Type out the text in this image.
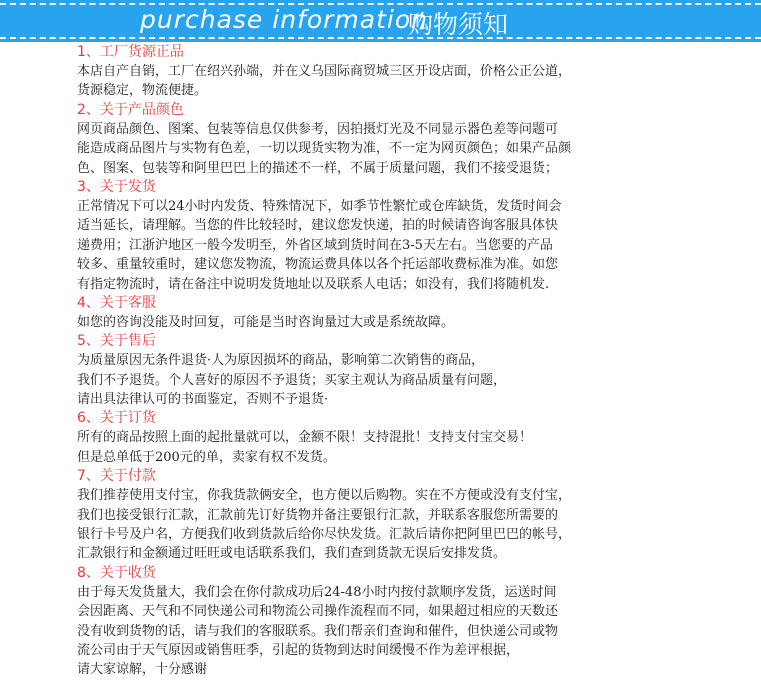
purchase information
购物须知
1、工厂货源正品
本店自产自销，工厂在绍兴孙端，并在义乌国际商贸城三区开设店面，价格公正公道，
货源稳定，物流便捷。
2、关于产品颜色
网页商品颜色、图案、包装等信息仅供参考，因拍摄灯光及不同显示器色差等问题可
能造成商品图片与实物有色差，一切以现货实物为准，不一定为网页颜色；如果产品颜
色、图案、包装等和阿里巴巴上的描述不一样，不属于质量问题，我们不接受退货；
3、关于发货
正常情况下可以24小时内发货、特殊情况下，如季节性繁忙或仓库缺货，发货时间会
适当延长，请理解。当您的件比较轻时，建议您发快递，拍的时候请咨询客服具体快
递费用；江浙沪地区一般今发明至，外省区域到货时间在3-5天左右。当您要的产品
较多、重量较重时，建议您发物流，物流运费具体以各个托运部收费标准为准。如您
有指定物流时，请在备注中说明发货地址以及联系人电话；如没有，我们将随机发.
4、关于客服
如您的咨询没能及时回复，可能是当时咨询量过大或是系统故障。
5、关于售后
为质量原因无条件退货·人为原因损坏的商品，影响第二次销售的商品，
我们不予退货。个人喜好的原因不予退货；买家主观认为商品质量有问题，
请出具法律认可的书面鉴定，否则不予退货·
6、关于订货
所有的商品按照上面的起批量就可以，金额不限！支持混批！支持支付宝交易！
但是总单低于200元的单，卖家有权不发货。
7、关于付款
我们推荐使用支付宝，你我货款俩安全，也方便以后购物。实在不方便或没有支付宝，
我们也接受银行汇款，汇款前先订好货物并备注要银行汇款，并联系客服您所需要的
银行卡号及户名，方便我们收到货款后给你尽快发货。汇款后请你把阿里巴巴的帐号，
汇款银行和金额通过旺旺或电话联系我们，我们查到货款无误后安排发货。
8、关于收货
由于每天发货量大，我们会在你付款成功后24-48小时内按付款顺序发货，运送时间
会因距离、天气和不同快递公司和物流公司操作流程而不同，如果超过相应的天数还
没有收到货物的话，请与我们的客服联系。我们帮亲们查询和催件，但快递公司或物
流公司由于天气原因或销售旺季，引起的货物到达时间缓慢不作为差评根据，
请大家谅解，十分感谢
